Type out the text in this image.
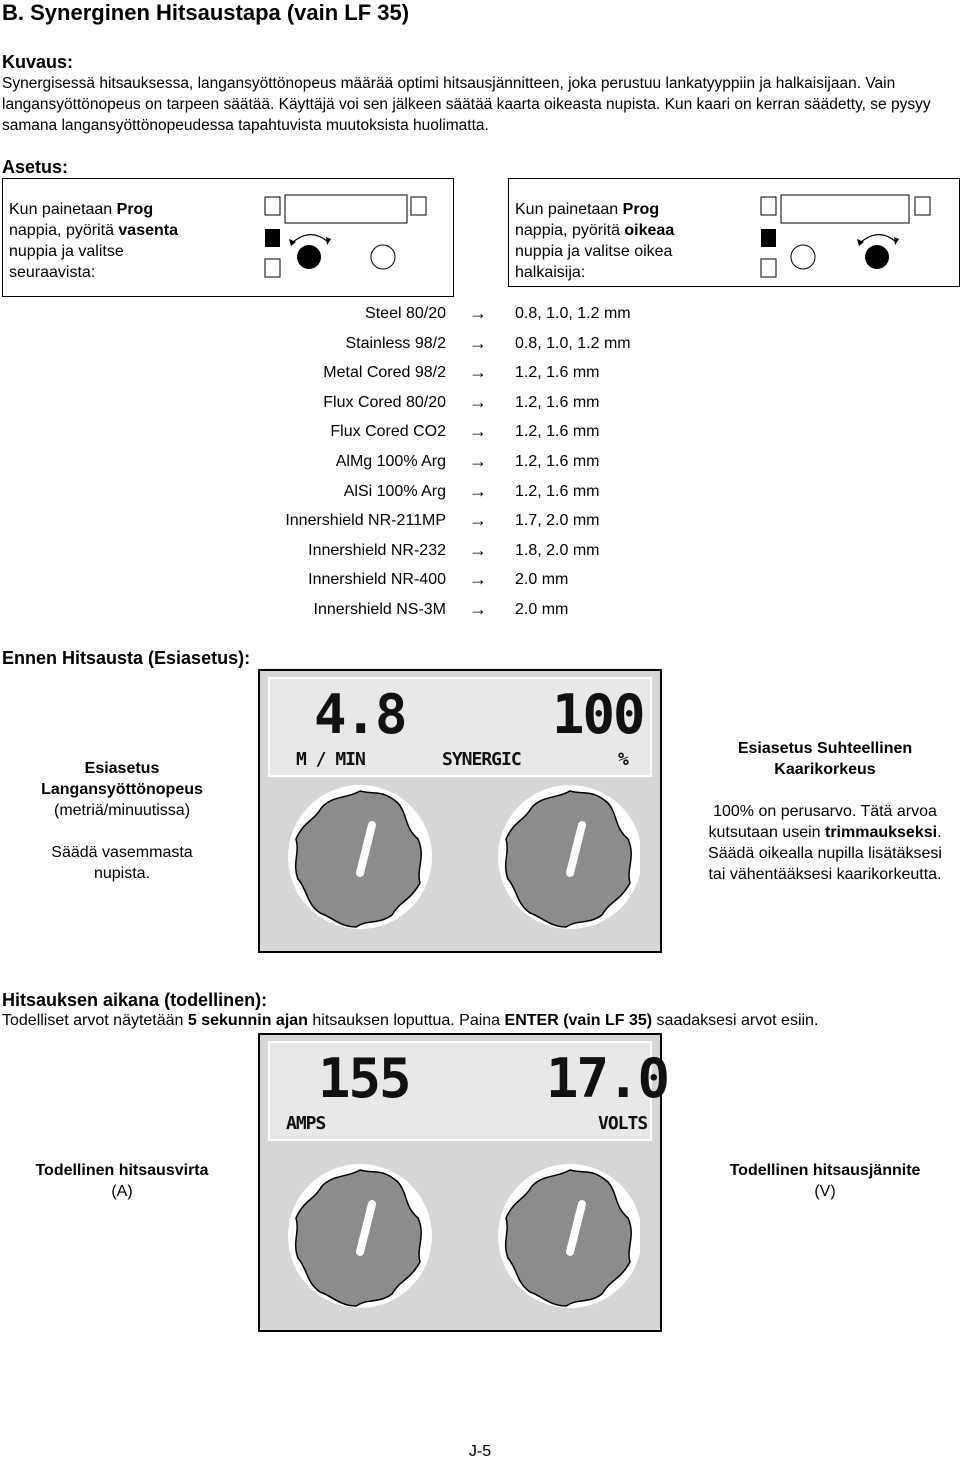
B. Synerginen Hitsaustapa (vain LF 35)
Kuvaus:
Synergisessä hitsauksessa, langansyöttönopeus määrää optimi hitsausjännitteen, joka perustuu lankatyyppiin ja halkaisijaan. Vain langansyöttönopeus on tarpeen säätää. Käyttäjä voi sen jälkeen säätää kaarta oikeasta nupista. Kun kaari on kerran säädetty, se pysyy samana langansyöttönopeudessa tapahtuvista muutoksista huolimatta.
Asetus:
Kun painetaan Prog nappia, pyöritä vasenta nuppia ja valitse seuraavista:
Kun painetaan Prog nappia, pyöritä oikeaa nuppia ja valitse oikea halkaisija:
Steel 80/20 → 0.8, 1.0, 1.2 mm
Stainless 98/2 → 0.8, 1.0, 1.2 mm
Metal Cored 98/2 → 1.2, 1.6 mm
Flux Cored 80/20 → 1.2, 1.6 mm
Flux Cored CO2 → 1.2, 1.6 mm
AlMg 100% Arg → 1.2, 1.6 mm
AlSi 100% Arg → 1.2, 1.6 mm
Innershield NR-211MP → 1.7, 2.0 mm
Innershield NR-232 → 1.8, 2.0 mm
Innershield NR-400 → 2.0 mm
Innershield NS-3M → 2.0 mm
Ennen Hitsausta (Esiasetus):
Esiasetus Langansyöttönopeus
(metriä/minuutissa)

Säädä vasemmasta nupista.
4.8	100
M / MIN	SYNERGIC	%
Esiasetus Suhteellinen Kaarikorkeus

100% on perusarvo. Tätä arvoa kutsutaan usein trimmaukseksi. Säädä oikealla nupilla lisätäksesi tai vähentääksesi kaarikorkeutta.
Hitsauksen aikana (todellinen):
Todelliset arvot näytetään 5 sekunnin ajan hitsauksen loputtua. Paina ENTER (vain LF 35) saadaksesi arvot esiin.
Todellinen hitsausvirta
(A)
155	17.0
AMPS	VOLTS
Todellinen hitsausjännite
(V)
J-5
